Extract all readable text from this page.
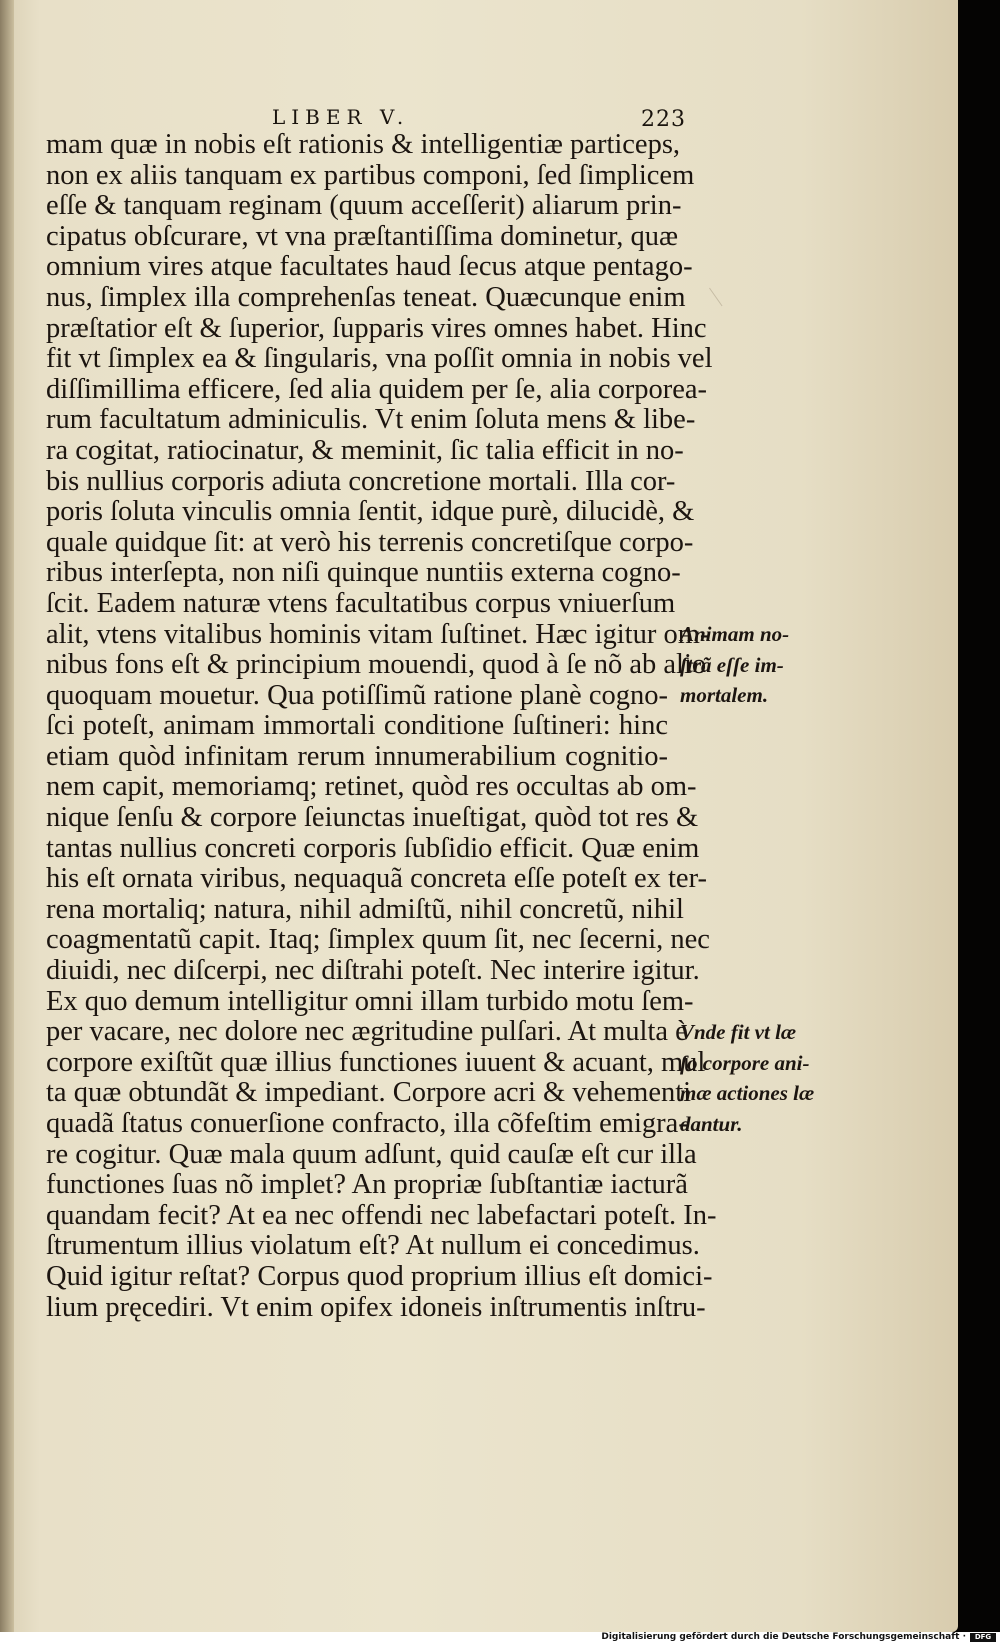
LIBER V.	223
mam quæ in nobis eſt rationis & intelligentiæ particeps,
non ex aliis tanquam ex partibus componi, ſed ſimplicem
eſſe & tanquam reginam (quum acceſſerit) aliarum prin-
cipatus obſcurare, vt vna præſtantiſſima dominetur, quæ
omnium vires atque facultates haud ſecus atque pentago-
nus, ſimplex illa comprehenſas teneat. Quæcunque enim
præſtatior eſt & ſuperior, ſupparis vires omnes habet. Hinc
fit vt ſimplex ea & ſingularis, vna poſſit omnia in nobis vel
diſſimillima efficere, ſed alia quidem per ſe, alia corporea-
rum facultatum adminiculis. Vt enim ſoluta mens & libe-
ra cogitat, ratiocinatur, & meminit, ſic talia efficit in no-
bis nullius corporis adiuta concretione mortali. Illa cor-
poris ſoluta vinculis omnia ſentit, idque purè, dilucidè, &
quale quidque ſit: at verò his terrenis concretiſque corpo-
ribus interſepta, non niſi quinque nuntiis externa cogno-
ſcit. Eadem naturæ vtens facultatibus corpus vniuerſum
alit, vtens vitalibus hominis vitam ſuſtinet. Hæc igitur om-
nibus fons eſt & principium mouendi, quod à ſe nõ ab alio
quoquam mouetur. Qua potiſſimũ ratione planè cogno-
ſci poteſt, animam immortali conditione ſuſtineri: hinc
etiam quòd infinitam rerum innumerabilium cognitio-
nem capit, memoriamq; retinet, quòd res occultas ab om-
nique ſenſu & corpore ſeiunctas inueſtigat, quòd tot res &
tantas nullius concreti corporis ſubſidio efficit. Quæ enim
his eſt ornata viribus, nequaquã concreta eſſe poteſt ex ter-
rena mortaliq; natura, nihil admiſtũ, nihil concretũ, nihil
coagmentatũ capit. Itaq; ſimplex quum ſit, nec ſecerni, nec
diuidi, nec diſcerpi, nec diſtrahi poteſt. Nec interire igitur.
Ex quo demum intelligitur omni illam turbido motu ſem-
per vacare, nec dolore nec ægritudine pulſari. At multa è
corpore exiſtũt quæ illius functiones iuuent & acuant, mul
ta quæ obtundãt & impediant. Corpore acri & vehementi
quadã ſtatus conuerſione confracto, illa cõfeſtim emigra-
re cogitur. Quæ mala quum adſunt, quid cauſæ eſt cur illa
functiones ſuas nõ implet? An propriæ ſubſtantiæ iacturã
quandam fecit? At ea nec offendi nec labefactari poteſt. In-
ſtrumentum illius violatum eſt? At nullum ei concedimus.
Quid igitur reſtat? Corpus quod proprium illius eſt domici-
lium pręcediri. Vt enim opifex idoneis inſtrumentis inſtru-
Animam no-
ſtrã eſſe im-
mortalem.
Vnde fit vt læ
ſo corpore ani-
mæ actiones læ
dantur.
Digitalisierung gefördert durch die Deutsche Forschungsgemeinschaft ·	DFG
